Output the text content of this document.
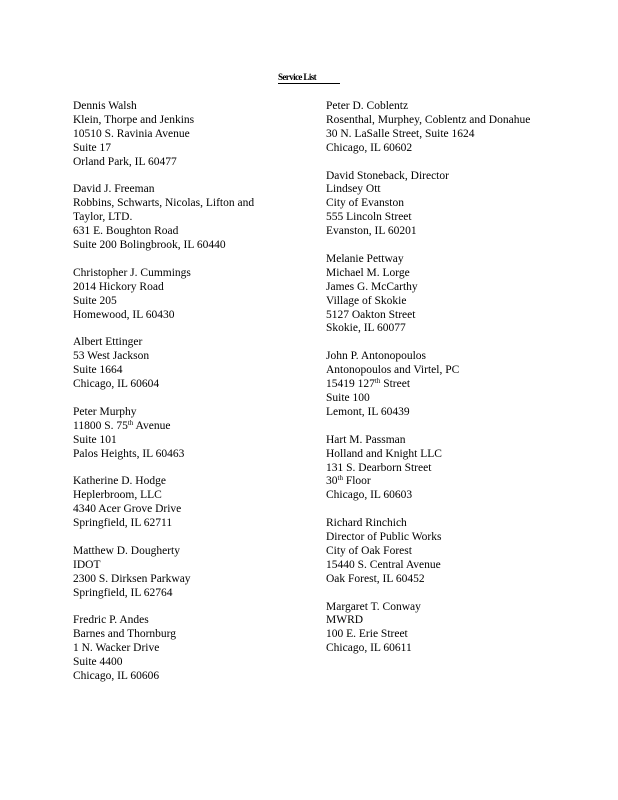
Service List
Dennis Walsh
Klein, Thorpe and Jenkins
10510 S. Ravinia Avenue
Suite 17
Orland Park, IL 60477
David J. Freeman
Robbins, Schwarts, Nicolas, Lifton and
Taylor, LTD.
631 E. Boughton Road
Suite 200 Bolingbrook, IL 60440
Christopher J. Cummings
2014 Hickory Road
Suite 205
Homewood, IL 60430
Albert Ettinger
53 West Jackson
Suite 1664
Chicago, IL 60604
Peter Murphy
11800 S. 75th Avenue
Suite 101
Palos Heights, IL 60463
Katherine D. Hodge
Heplerbroom, LLC
4340 Acer Grove Drive
Springfield, IL 62711
Matthew D. Dougherty
IDOT
2300 S. Dirksen Parkway
Springfield, IL 62764
Fredric P. Andes
Barnes and Thornburg
1 N. Wacker Drive
Suite 4400
Chicago, IL 60606
Peter D. Coblentz
Rosenthal, Murphey, Coblentz and Donahue
30 N. LaSalle Street, Suite 1624
Chicago, IL 60602
David Stoneback, Director
Lindsey Ott
City of Evanston
555 Lincoln Street
Evanston, IL 60201
Melanie Pettway
Michael M. Lorge
James G. McCarthy
Village of Skokie
5127 Oakton Street
Skokie, IL 60077
John P. Antonopoulos
Antonopoulos and Virtel, PC
15419 127th Street
Suite 100
Lemont, IL 60439
Hart M. Passman
Holland and Knight LLC
131 S. Dearborn Street
30th Floor
Chicago, IL 60603
Richard Rinchich
Director of Public Works
City of Oak Forest
15440 S. Central Avenue
Oak Forest, IL 60452
Margaret T. Conway
MWRD
100 E. Erie Street
Chicago, IL 60611
